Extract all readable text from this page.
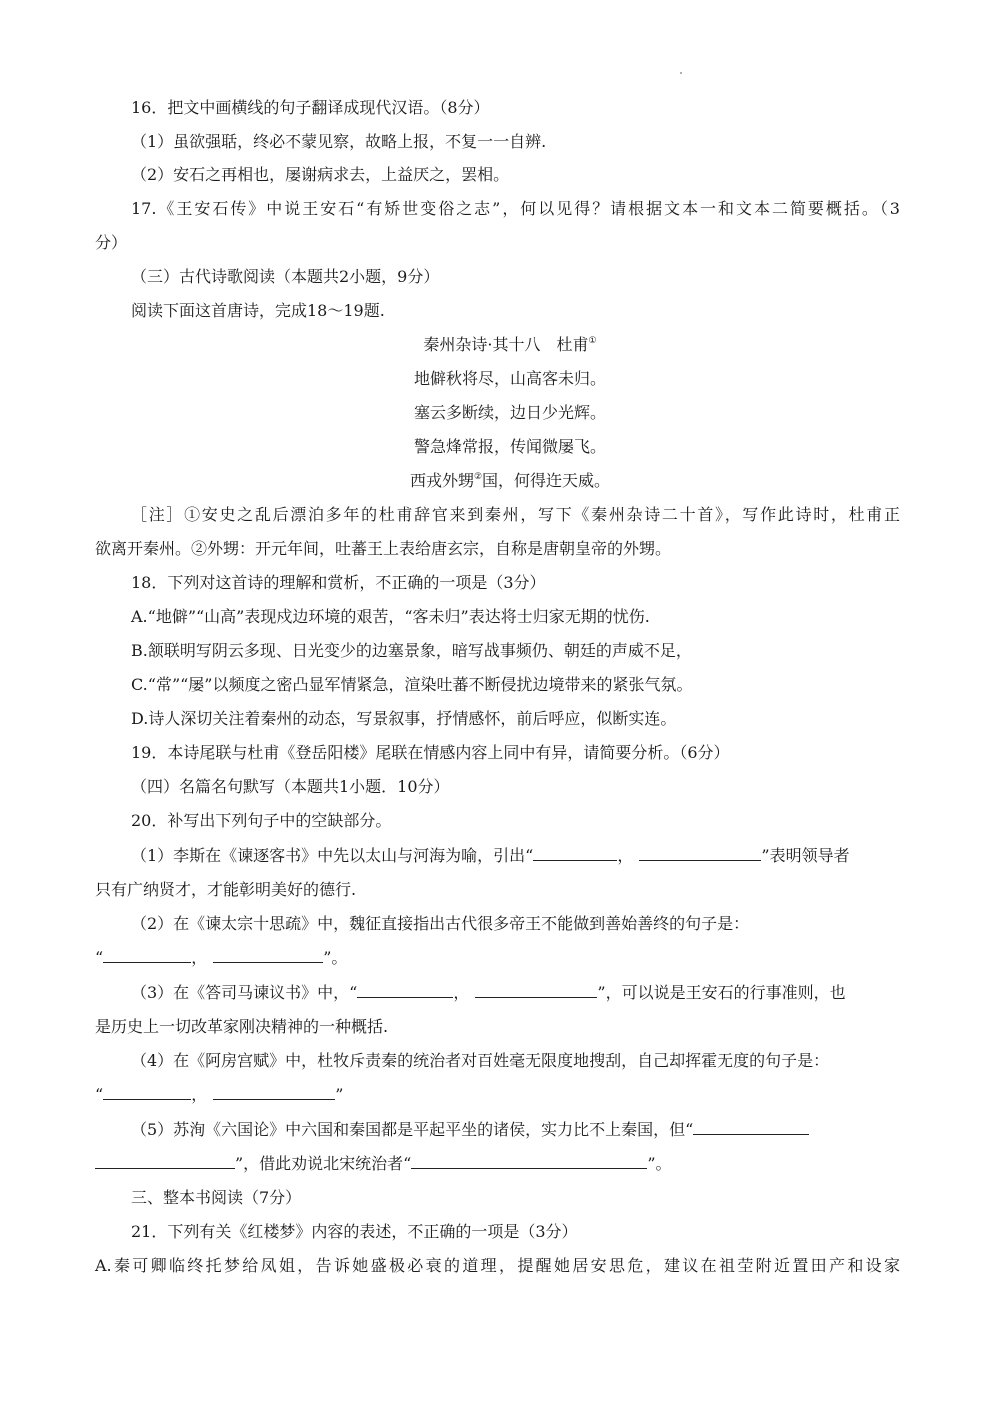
16．把文中画横线的句子翻译成现代汉语。（8分）
（1）虽欲强聒，终必不蒙见察，故略上报，不复一一自辨.
（2）安石之再相也，屡谢病求去，上益厌之，罢相。
17.《王安石传》中说王安石“有矫世变俗之志”，何以见得？请根据文本一和文本二简要概括。（3
分）
（三）古代诗歌阅读（本题共2小题，9分）
阅读下面这首唐诗，完成18～19题.
秦州杂诗·其十八　杜甫①
地僻秋将尽，山高客未归。
塞云多断续，边日少光辉。
警急烽常报，传闻微屡飞。
西戎外甥②国，何得迕天威。
［注］①安史之乱后漂泊多年的杜甫辞官来到秦州，写下《秦州杂诗二十首》，写作此诗时，杜甫正
欲离开秦州。②外甥：开元年间，吐蕃王上表给唐玄宗，自称是唐朝皇帝的外甥。
18．下列对这首诗的理解和赏析，不正确的一项是（3分）
A.“地僻”“山高”表现戍边环境的艰苦，“客未归”表达将士归家无期的忧伤.
B.颔联明写阴云多现、日光变少的边塞景象，暗写战事频仍、朝廷的声威不足，
C.“常”“屡”以频度之密凸显军情紧急，渲染吐蕃不断侵扰边境带来的紧张气氛。
D.诗人深切关注着秦州的动态，写景叙事，抒情感怀，前后呼应，似断实连。
19．本诗尾联与杜甫《登岳阳楼》尾联在情感内容上同中有异，请简要分析。（6分）
（四）名篇名句默写（本题共1小题．10分）
20．补写出下列句子中的空缺部分。
（1）李斯在《谏逐客书》中先以太山与河海为喻，引出“	，	”表明领导者
只有广纳贤才，才能彰明美好的德行.
（2）在《谏太宗十思疏》中，魏征直接指出古代很多帝王不能做到善始善终的句子是：
“	，	”。
（3）在《答司马谏议书》中，“	，	”，可以说是王安石的行事准则，也
是历史上一切改革家刚决精神的一种概括.
（4）在《阿房宫赋》中，杜牧斥责秦的统治者对百姓毫无限度地搜刮，自己却挥霍无度的句子是：
“	，	”
（5）苏洵《六国论》中六国和秦国都是平起平坐的诸侯，实力比不上秦国，但“
”，借此劝说北宋统治者“	”。
三、整本书阅读（7分）
21．下列有关《红楼梦》内容的表述，不正确的一项是（3分）
A.秦可卿临终托梦给凤姐，告诉她盛极必衰的道理，提醒她居安思危，建议在祖茔附近置田产和设家
